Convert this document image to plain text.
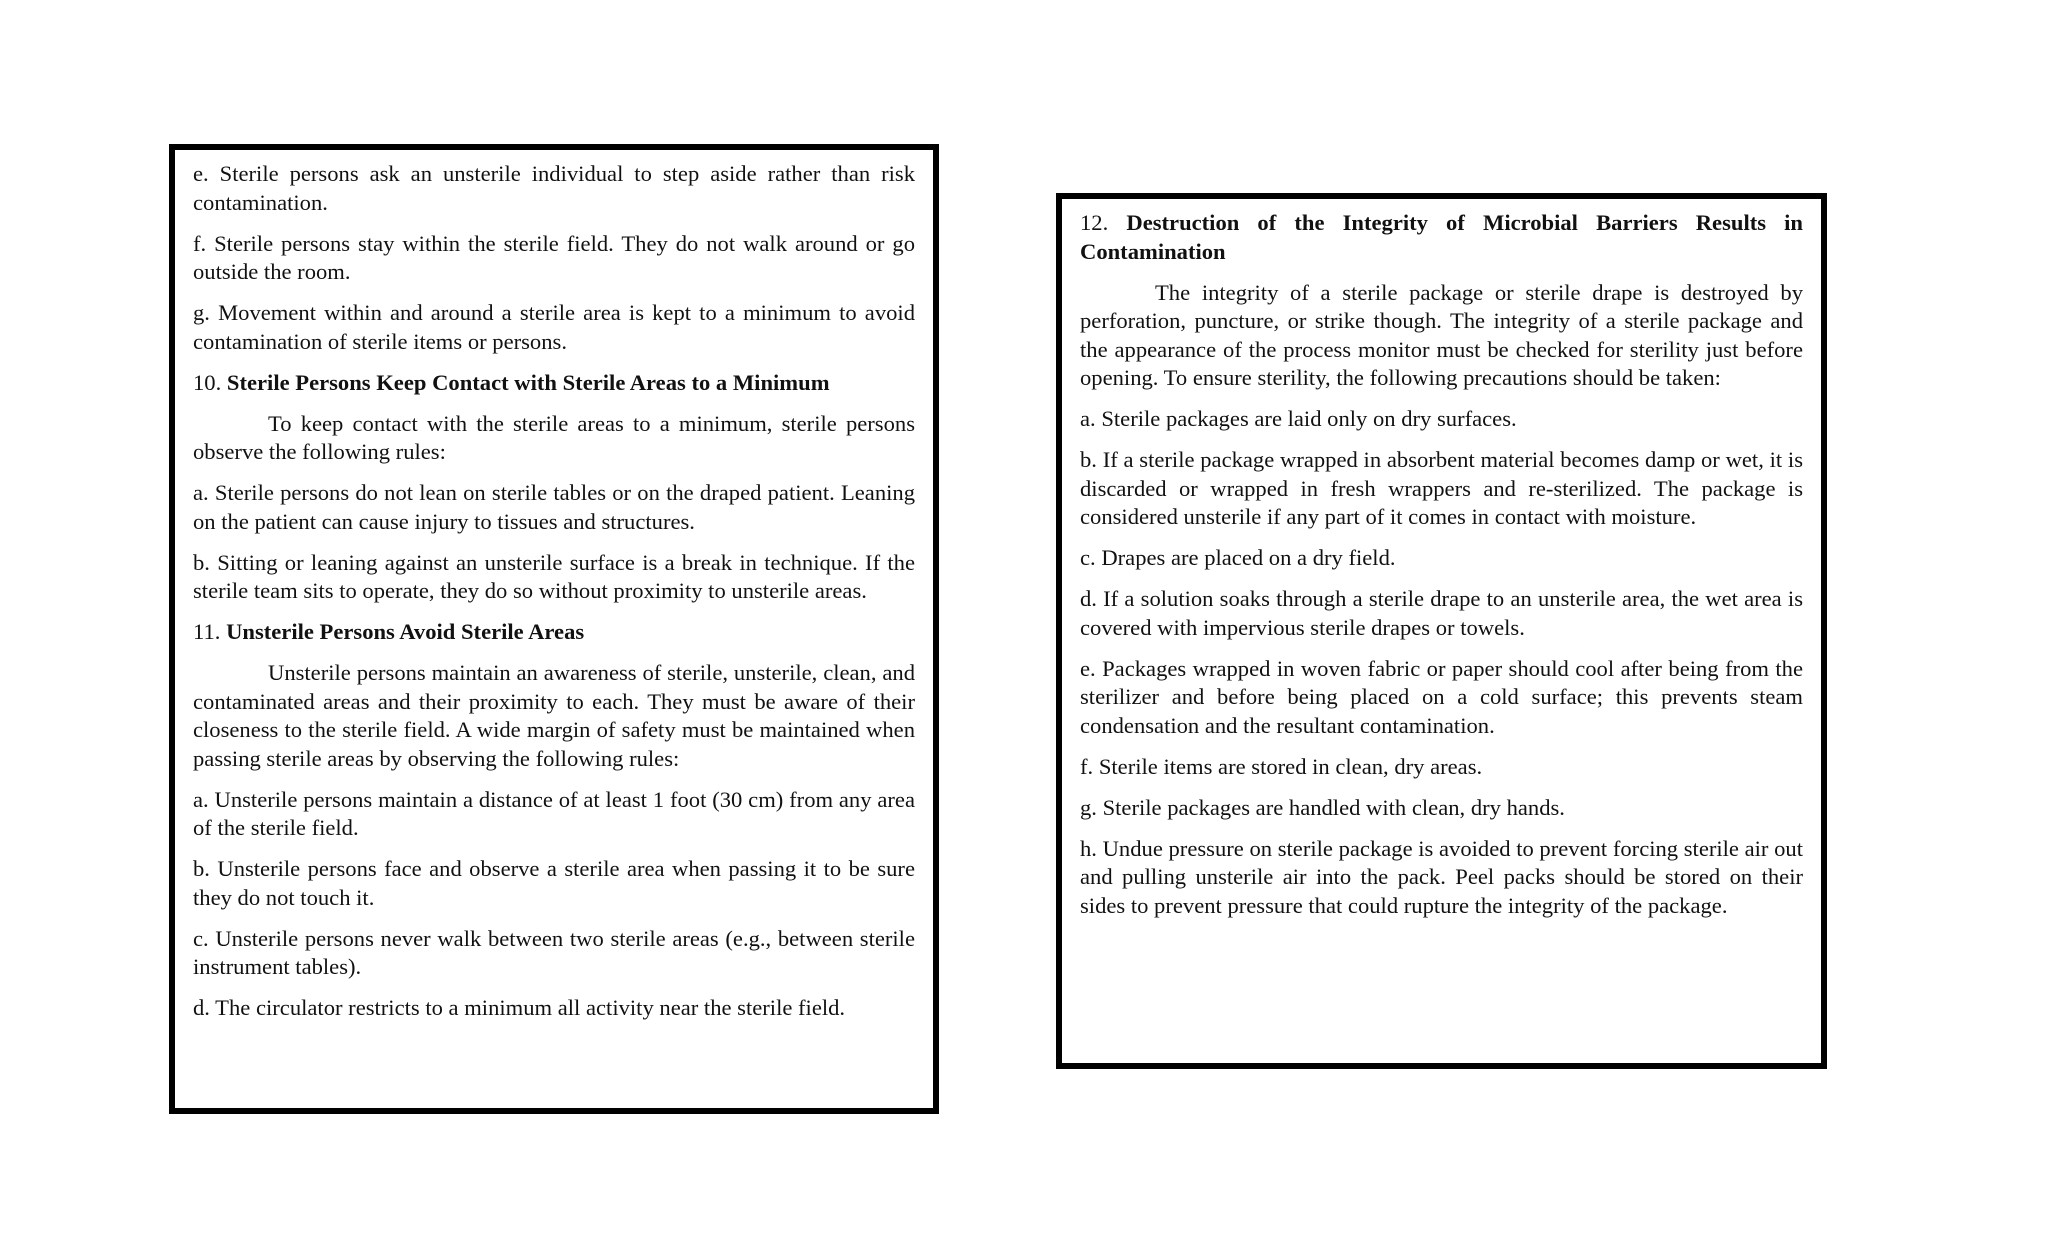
e. Sterile persons ask an unsterile individual to step aside rather than risk contamination.

f. Sterile persons stay within the sterile field. They do not walk around or go outside the room.

g. Movement within and around a sterile area is kept to a minimum to avoid contamination of sterile items or persons.

10. Sterile Persons Keep Contact with Sterile Areas to a Minimum

To keep contact with the sterile areas to a minimum, sterile persons observe the following rules:

a. Sterile persons do not lean on sterile tables or on the draped patient. Leaning on the patient can cause injury to tissues and structures.

b. Sitting or leaning against an unsterile surface is a break in technique. If the sterile team sits to operate, they do so without proximity to unsterile areas.

11. Unsterile Persons Avoid Sterile Areas

Unsterile persons maintain an awareness of sterile, unsterile, clean, and contaminated areas and their proximity to each. They must be aware of their closeness to the sterile field. A wide margin of safety must be maintained when passing sterile areas by observing the following rules:

a. Unsterile persons maintain a distance of at least 1 foot (30 cm) from any area of the sterile field.

b. Unsterile persons face and observe a sterile area when passing it to be sure they do not touch it.

c. Unsterile persons never walk between two sterile areas (e.g., between sterile instrument tables).

d. The circulator restricts to a minimum all activity near the sterile field.

12. Destruction of the Integrity of Microbial Barriers Results in Contamination

The integrity of a sterile package or sterile drape is destroyed by perforation, puncture, or strike though. The integrity of a sterile package and the appearance of the process monitor must be checked for sterility just before opening. To ensure sterility, the following precautions should be taken:

a. Sterile packages are laid only on dry surfaces.

b. If a sterile package wrapped in absorbent material becomes damp or wet, it is discarded or wrapped in fresh wrappers and re-sterilized. The package is considered unsterile if any part of it comes in contact with moisture.

c. Drapes are placed on a dry field.

d. If a solution soaks through a sterile drape to an unsterile area, the wet area is covered with impervious sterile drapes or towels.

e. Packages wrapped in woven fabric or paper should cool after being from the sterilizer and before being placed on a cold surface; this prevents steam condensation and the resultant contamination.

f. Sterile items are stored in clean, dry areas.

g. Sterile packages are handled with clean, dry hands.

h. Undue pressure on sterile package is avoided to prevent forcing sterile air out and pulling unsterile air into the pack. Peel packs should be stored on their sides to prevent pressure that could rupture the integrity of the package.
